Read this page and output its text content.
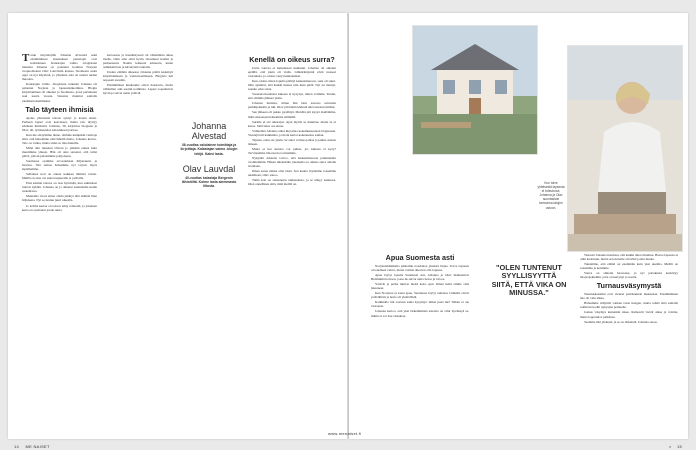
Tarun kirjoittajilla Johanna Alvestad sekä ensimmäisen sisustuksen perustajat ovat kohdanneet. Kalastajan vaimo -blogistaan tunnettu Johanna on palannut kotiinsa Norjaan avopuolisonsa Olav Lauvdalin kanssa. Suomessa saatu oppi on nyt käytössä, ja yhteinen arki on saanut uuden muodon.

Kalastajan vaimo -blogistaan tunnettu Johanna oli palannut Norjaan ja lapsuudenkotiinsa. Blogin kirjoittaminen oli alkanut jo Suomessa, jossa pariskunta asui useita vuosia. Sisustus muuttui samalla yksinkertaisemmaksi.

Talo täyteen ihmisiä

Ajatus yhteisestä talosta syntyi jo kauan sitten. Perheen lapset ovat kasvaneet, mutta talo täyttyy edelleen ihmisistä. Johanna, 36, kirjoittaa blogiaan ja Olav, 40, työskentelee kalastuksen parissa.

Kun me siirryimme tänne, olimme kumpikin varmoja siitä, että haluamme elää lähellä merta, Johanna kertoo. Talo on vanha, mutta siinä on tilaa kaikille.

Minä olin tuntenut Olavin jo pitkään ennen kuin muutimme yhteen. Hän oli aina sanonut, että tulisi päivä, jolloin palaisimme pohjoiseen.

Suomessa opimme arvostamaan hiljaisuutta ja luontoa. Sitä samaa haluamme nyt tarjota myös lapsillemme.

Sellainen koti on ennen kaikkea ihmisiä varten. Meillä on aina ovi auki naapureille ja ystäville.

Ensi kesänä talossa on taas hyörinää, kun sukulaiset tulevat kylään. Johanna on jo alkanut suunnitella kesän ruokalistaa.

Muutama vuosi sitten olisin pitänyt tätä elämää liian hiljaisena. Nyt se tuntuu juuri oikealta.

Jo kolme kertaa on taloon tehty remontti, ja jokainen kerta on opettanut jotain uutta.

Johanna Alvestad
36-vuotias oslolainen toimittaja ja kirjoittaja. Kalastajan vaimo -blogin tekijä. Kaksi lasta.
Olav Lauvdal
40-vuotias kalastaja Bergenin lähistöltä. Kolme lasta aiemmasta liitosta.

kasvaessa ja itsenäistyessä oli vähemmän aikaa itselle. Olen aina ollut hyvin sitoutunut kotiini ja perheeseeni. Nautin kaikesta arkisesta, kuten aamukahvista ja kävelyistä rannalla.

Uuden elämän alkaessa Johanna päätti keskittyä kirjoittamiseen ja valokuvaamiseen. Blogista tuli nopeasti suosittu.

Ensimmäiset kuukaudet olivat haastavia, mutta vähitellen arki asettui uomiinsa. Lapset sopeutuivat hyvin ja saivat uusia ystäviä.

Kenellä on oikeus surra?

Uutta vauvaa ei kuitenkaan kuulunut. Johanna oli alkanut epäillä, että jokin oli vialla. Lääkärikäynnit eivät tuoneet vastauksia, ja odotus venyi kuukausiksi.

Kun odotus sitten lopulta päättyi keskenmenoon, suru oli suuri. Olin ajatellut, että kaikki menee niin kuin pitää. Nyt en tiennyt, saanko edes surra.

Vastaanottoaulassa kukaan ei kysynyt, miten voimme. Tuntui, että olimme jääneet yksin.

Johanna muistaa, miten hän istui autossa sairaalan parkkipaikalla ja itki. Olav piti häntä kädestä eikä sanonut mitään.

Sen jälkeen oli pakko pysähtyä. Meidän piti kysyä itseltämme, mitä oikeastaan haluamme elämältä.

Surulle ei ole aikarajaa. Ajan myötä se muuttuu, mutta se ei katoa. Siitä tulee osa sinua.

Vähitellen Johanna alkoi kirjoittaa kokemuksestaan blogissaan. Viestejä tuli kaikkialta, ja moni kertoi kokeneensa saman.

Tajusin, etten ole yksin. Se antoi voimaa jatkaa ja puhua asiasta ääneen.

Mutta ei kai surusta voi puhua, jos kukaan ei kysy? Tarvitsemme tilaa kertoa tarinamme.

Nykyään Johanna toivoo, että keskenmenosta puhuttaisiin avoimemmin. Hänen mielestään jokaisella on oikeus surra omalla tavallaan.

Ilman surua emme olisi tässä. Sen kautta löysimme toisemme uudelleen, Olav sanoo.

Tämä koti on rakennettu rakkaudesta, ja se näkyy kaikessa. Olen onnellinen siitä, mitä meillä on.

14 ME NAISET
Kun toive yhteisestä lapsesta ei toteutunut, Johanna ja Olav suuntasivat tarmonsa talojen ostoon.
Apua Suomesta asti

Norjalaisklinikalla päätettiin noudattaa yhteistä linjaa. Toive lapsesta oli edelleen vahva, mutta voimat alkoivat olla lopussa.

Apua löytyi lopulta Suomesta asti. Johanna ja Olav matkustivat Helsinkiin hoitoon, jossa he saivat uutta tietoa ja toivoa.

Ystävät ja perhe tukivat meitä koko ajan. Ilman heitä emme olisi jaksaneet.

Kun Norjassa ei saatu apua, Suomessa löytyi ratkaisu. Lääkärit olivat ystävällisiä ja hoito oli yksilöllistä.

Kaikkialla tuli vastaan sama kysymys: miksi juuri me? Siihen ei ole vastausta.

Johanna kertoo, että yksi tärkeimmistä asioista on ollut hyväksyä se, mihin ei voi itse vaikuttaa.

"OLEN TUNTENUT SYYLLISYYTTÄ SIITÄ, ETTÄ VIKA ON MINUSSA."

Vierestä Johanna huomasi, että kaikki alkoi muuttua. Haave lapsesta ei ollut kadonnut, mutta sen rinnalle oli tullut jotain muuta.

Tunsimme, että elämä on enemmän kuin yksi unelma. Meillä on toisemme ja kotimme.

Vauva on ohitettu haaveena, ja nyt pariskunta keskittyy taloprojekteihin, joita on kertynyt jo useita.

Turnausväsymystä

Sisustuskokeilut ovat vieneet pariskunnan mukanaan. Ensimmäinen talo oli vain alkua.

Haluamme säilyttää vanhan talon hengen, mutta tehdä siitä samalla toimivan kodin nykyajan perheelle.

Joskus väsymys kuitenkin iskee. Remontit vievät aikaa ja voimia, mutta lopputulos palkitsee.

Teemme tätä yhdessä, ja se on tärkeintä, Johanna sanoo.

× 15
www.menaiset.fi
